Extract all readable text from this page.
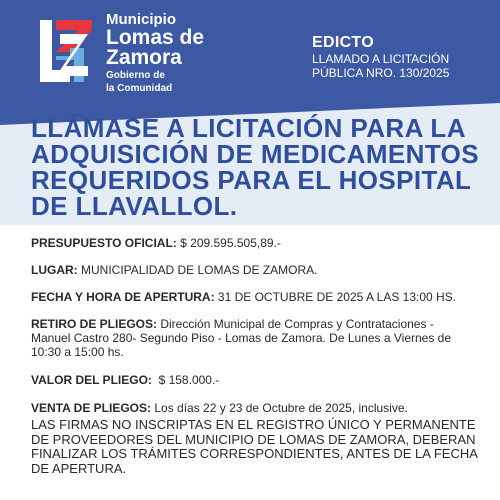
Municipio
Lomas de
Zamora
Gobierno de
la Comunidad
EDICTO
LLAMADO A LICITACIÓN
PÚBLICA NRO. 130/2025
LLÁMASE A LICITACIÓN PARA LA ADQUISICIÓN DE MEDICAMENTOS REQUERIDOS PARA EL HOSPITAL DE LLAVALLOL.

PRESUPUESTO OFICIAL: $ 209.595.505,89.-

LUGAR: MUNICIPALIDAD DE LOMAS DE ZAMORA.

FECHA Y HORA DE APERTURA: 31 DE OCTUBRE DE 2025 A LAS 13:00 HS.

RETIRO DE PLIEGOS: Dirección Municipal de Compras y Contrataciones - Manuel Castro 280- Segundo Piso - Lomas de Zamora. De Lunes a Viernes de 10:30 a 15:00 hs.

VALOR DEL PLIEGO:  $ 158.000.-

VENTA DE PLIEGOS: Los días 22 y 23 de Octubre de 2025, inclusive.

LAS FIRMAS NO INSCRIPTAS EN EL REGISTRO ÚNICO Y PERMANENTE DE PROVEEDORES DEL MUNICIPIO DE LOMAS DE ZAMORA, DEBERAN FINALIZAR LOS TRÁMITES CORRESPONDIENTES, ANTES DE LA FECHA DE APERTURA.
